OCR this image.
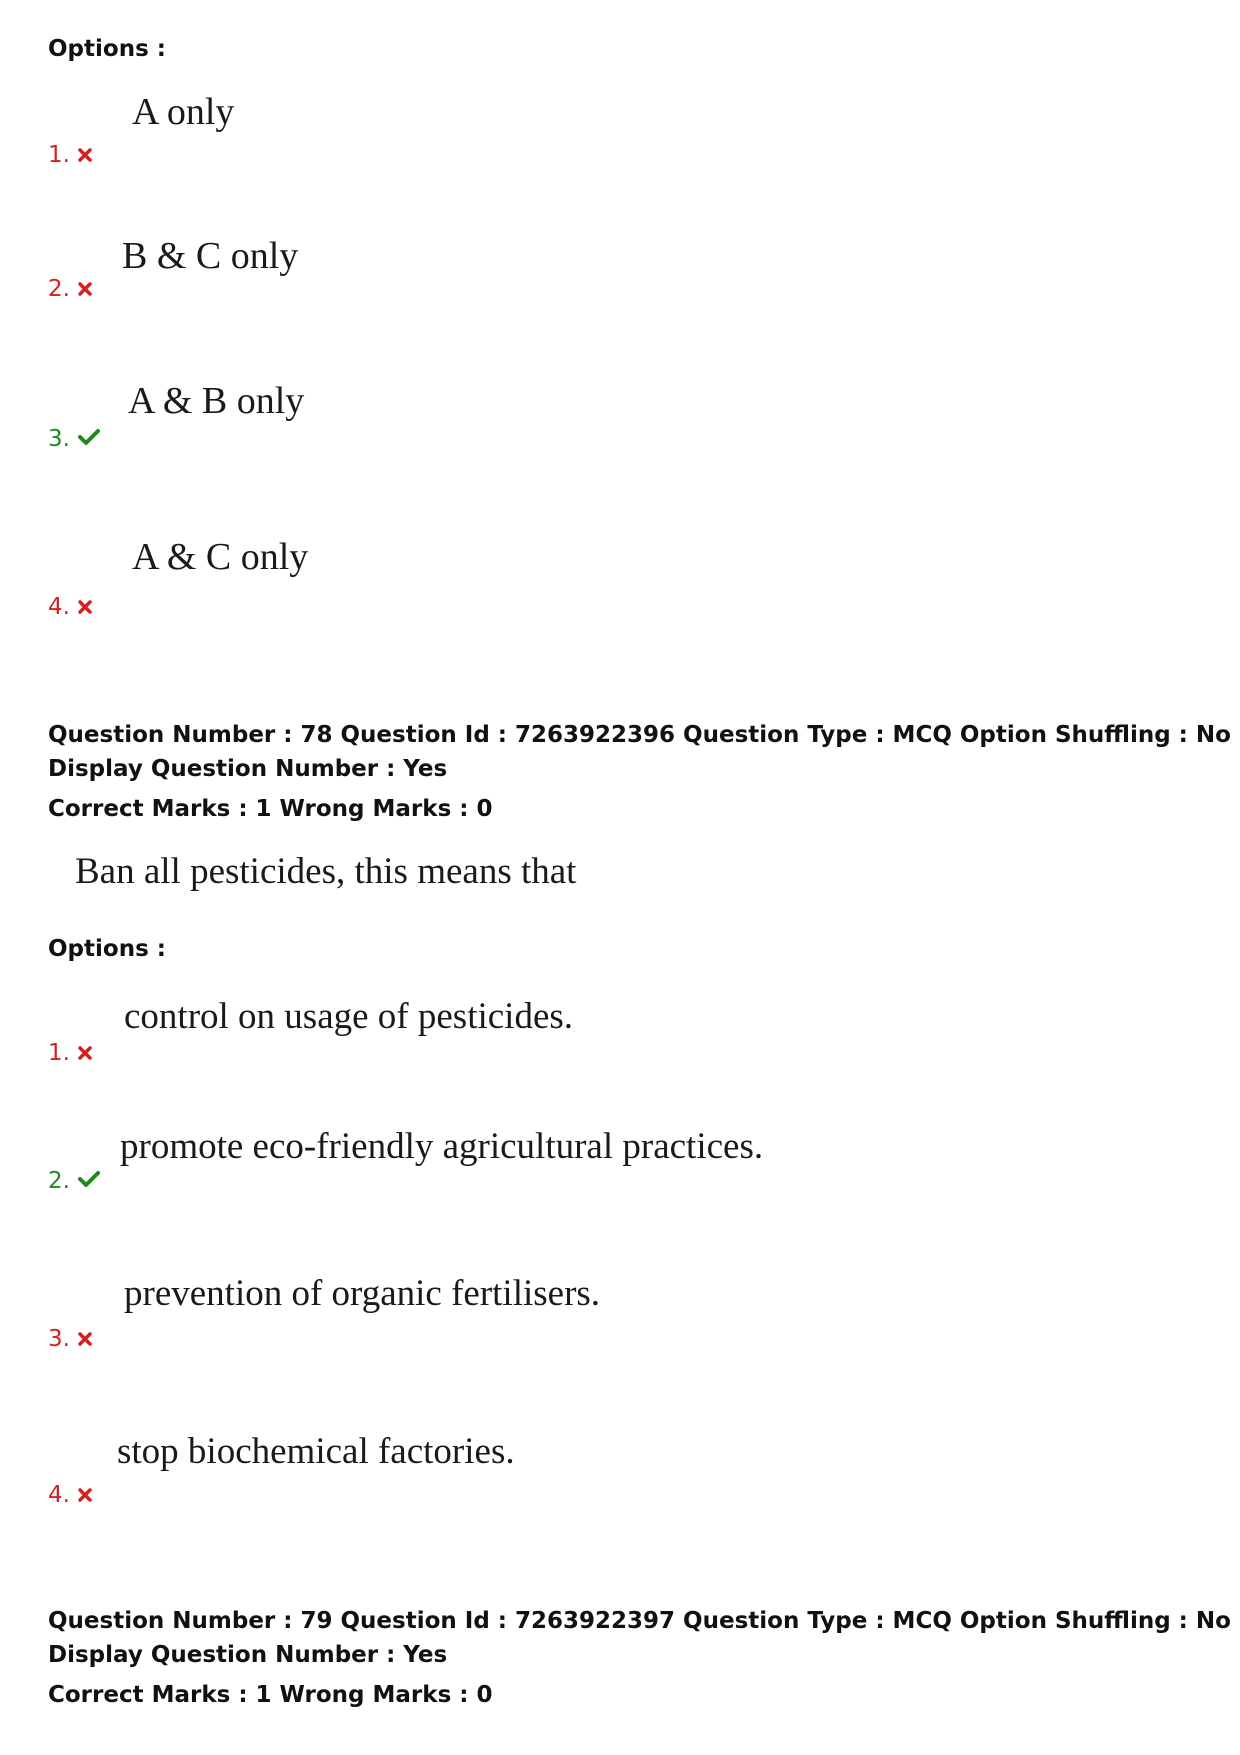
Options :
A only
1.
B & C only
2.
A & B only
3.
A & C only
4.
Question Number : 78 Question Id : 7263922396 Question Type : MCQ Option Shuffling : No
Display Question Number : Yes
Correct Marks : 1 Wrong Marks : 0
Ban all pesticides, this means that
Options :
control on usage of pesticides.
1.
promote eco-friendly agricultural practices.
2.
prevention of organic fertilisers.
3.
stop biochemical factories.
4.
Question Number : 79 Question Id : 7263922397 Question Type : MCQ Option Shuffling : No
Display Question Number : Yes
Correct Marks : 1 Wrong Marks : 0
